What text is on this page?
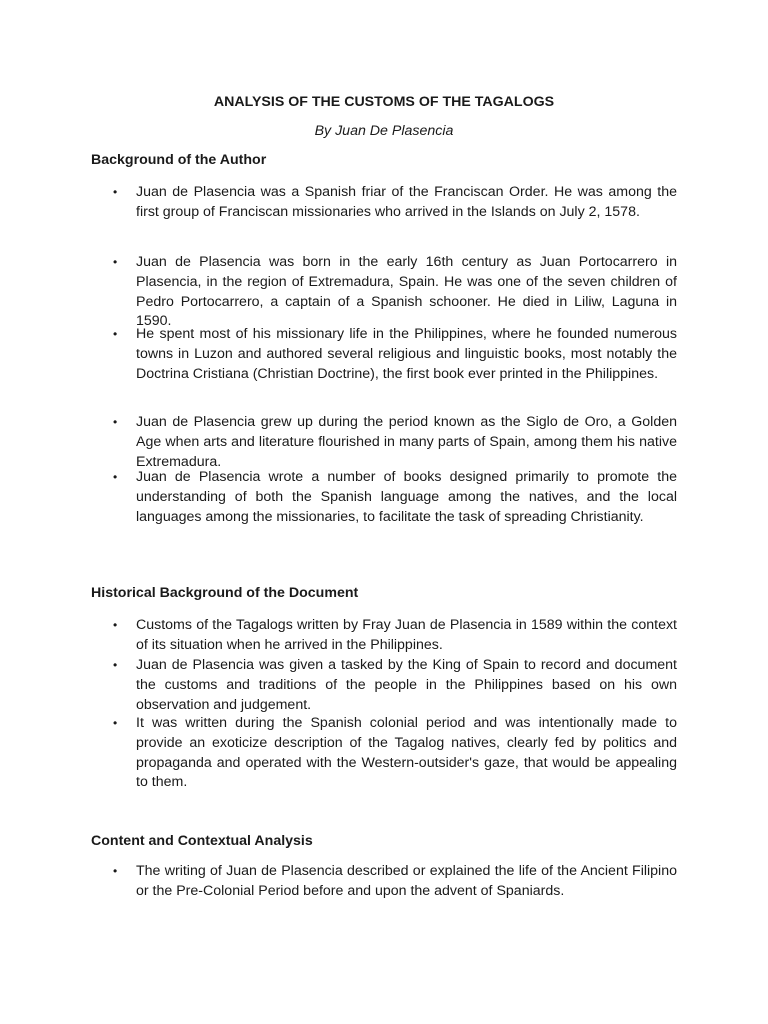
ANALYSIS OF THE CUSTOMS OF THE TAGALOGS
By Juan De Plasencia
Background of the Author
•	Juan de Plasencia was a Spanish friar of the Franciscan Order. He was among the first group of Franciscan missionaries who arrived in the Islands on July 2, 1578.
•	Juan de Plasencia was born in the early 16th century as Juan Portocarrero in Plasencia, in the region of Extremadura, Spain. He was one of the seven children of Pedro Portocarrero, a captain of a Spanish schooner. He died in Liliw, Laguna in 1590.
•	He spent most of his missionary life in the Philippines, where he founded numerous towns in Luzon and authored several religious and linguistic books, most notably the Doctrina Cristiana (Christian Doctrine), the first book ever printed in the Philippines.
•	Juan de Plasencia grew up during the period known as the Siglo de Oro, a Golden Age when arts and literature flourished in many parts of Spain, among them his native Extremadura.
•	Juan de Plasencia wrote a number of books designed primarily to promote the understanding of both the Spanish language among the natives, and the local languages among the missionaries, to facilitate the task of spreading Christianity.
Historical Background of the Document
•	Customs of the Tagalogs written by Fray Juan de Plasencia in 1589 within the context of its situation when he arrived in the Philippines.
•	Juan de Plasencia was given a tasked by the King of Spain to record and document the customs and traditions of the people in the Philippines based on his own observation and judgement.
•	It was written during the Spanish colonial period and was intentionally made to provide an exoticize description of the Tagalog natives, clearly fed by politics and propaganda and operated with the Western-outsider's gaze, that would be appealing to them.
Content and Contextual Analysis
•	The writing of Juan de Plasencia described or explained the life of the Ancient Filipino or the Pre-Colonial Period before and upon the advent of Spaniards.
